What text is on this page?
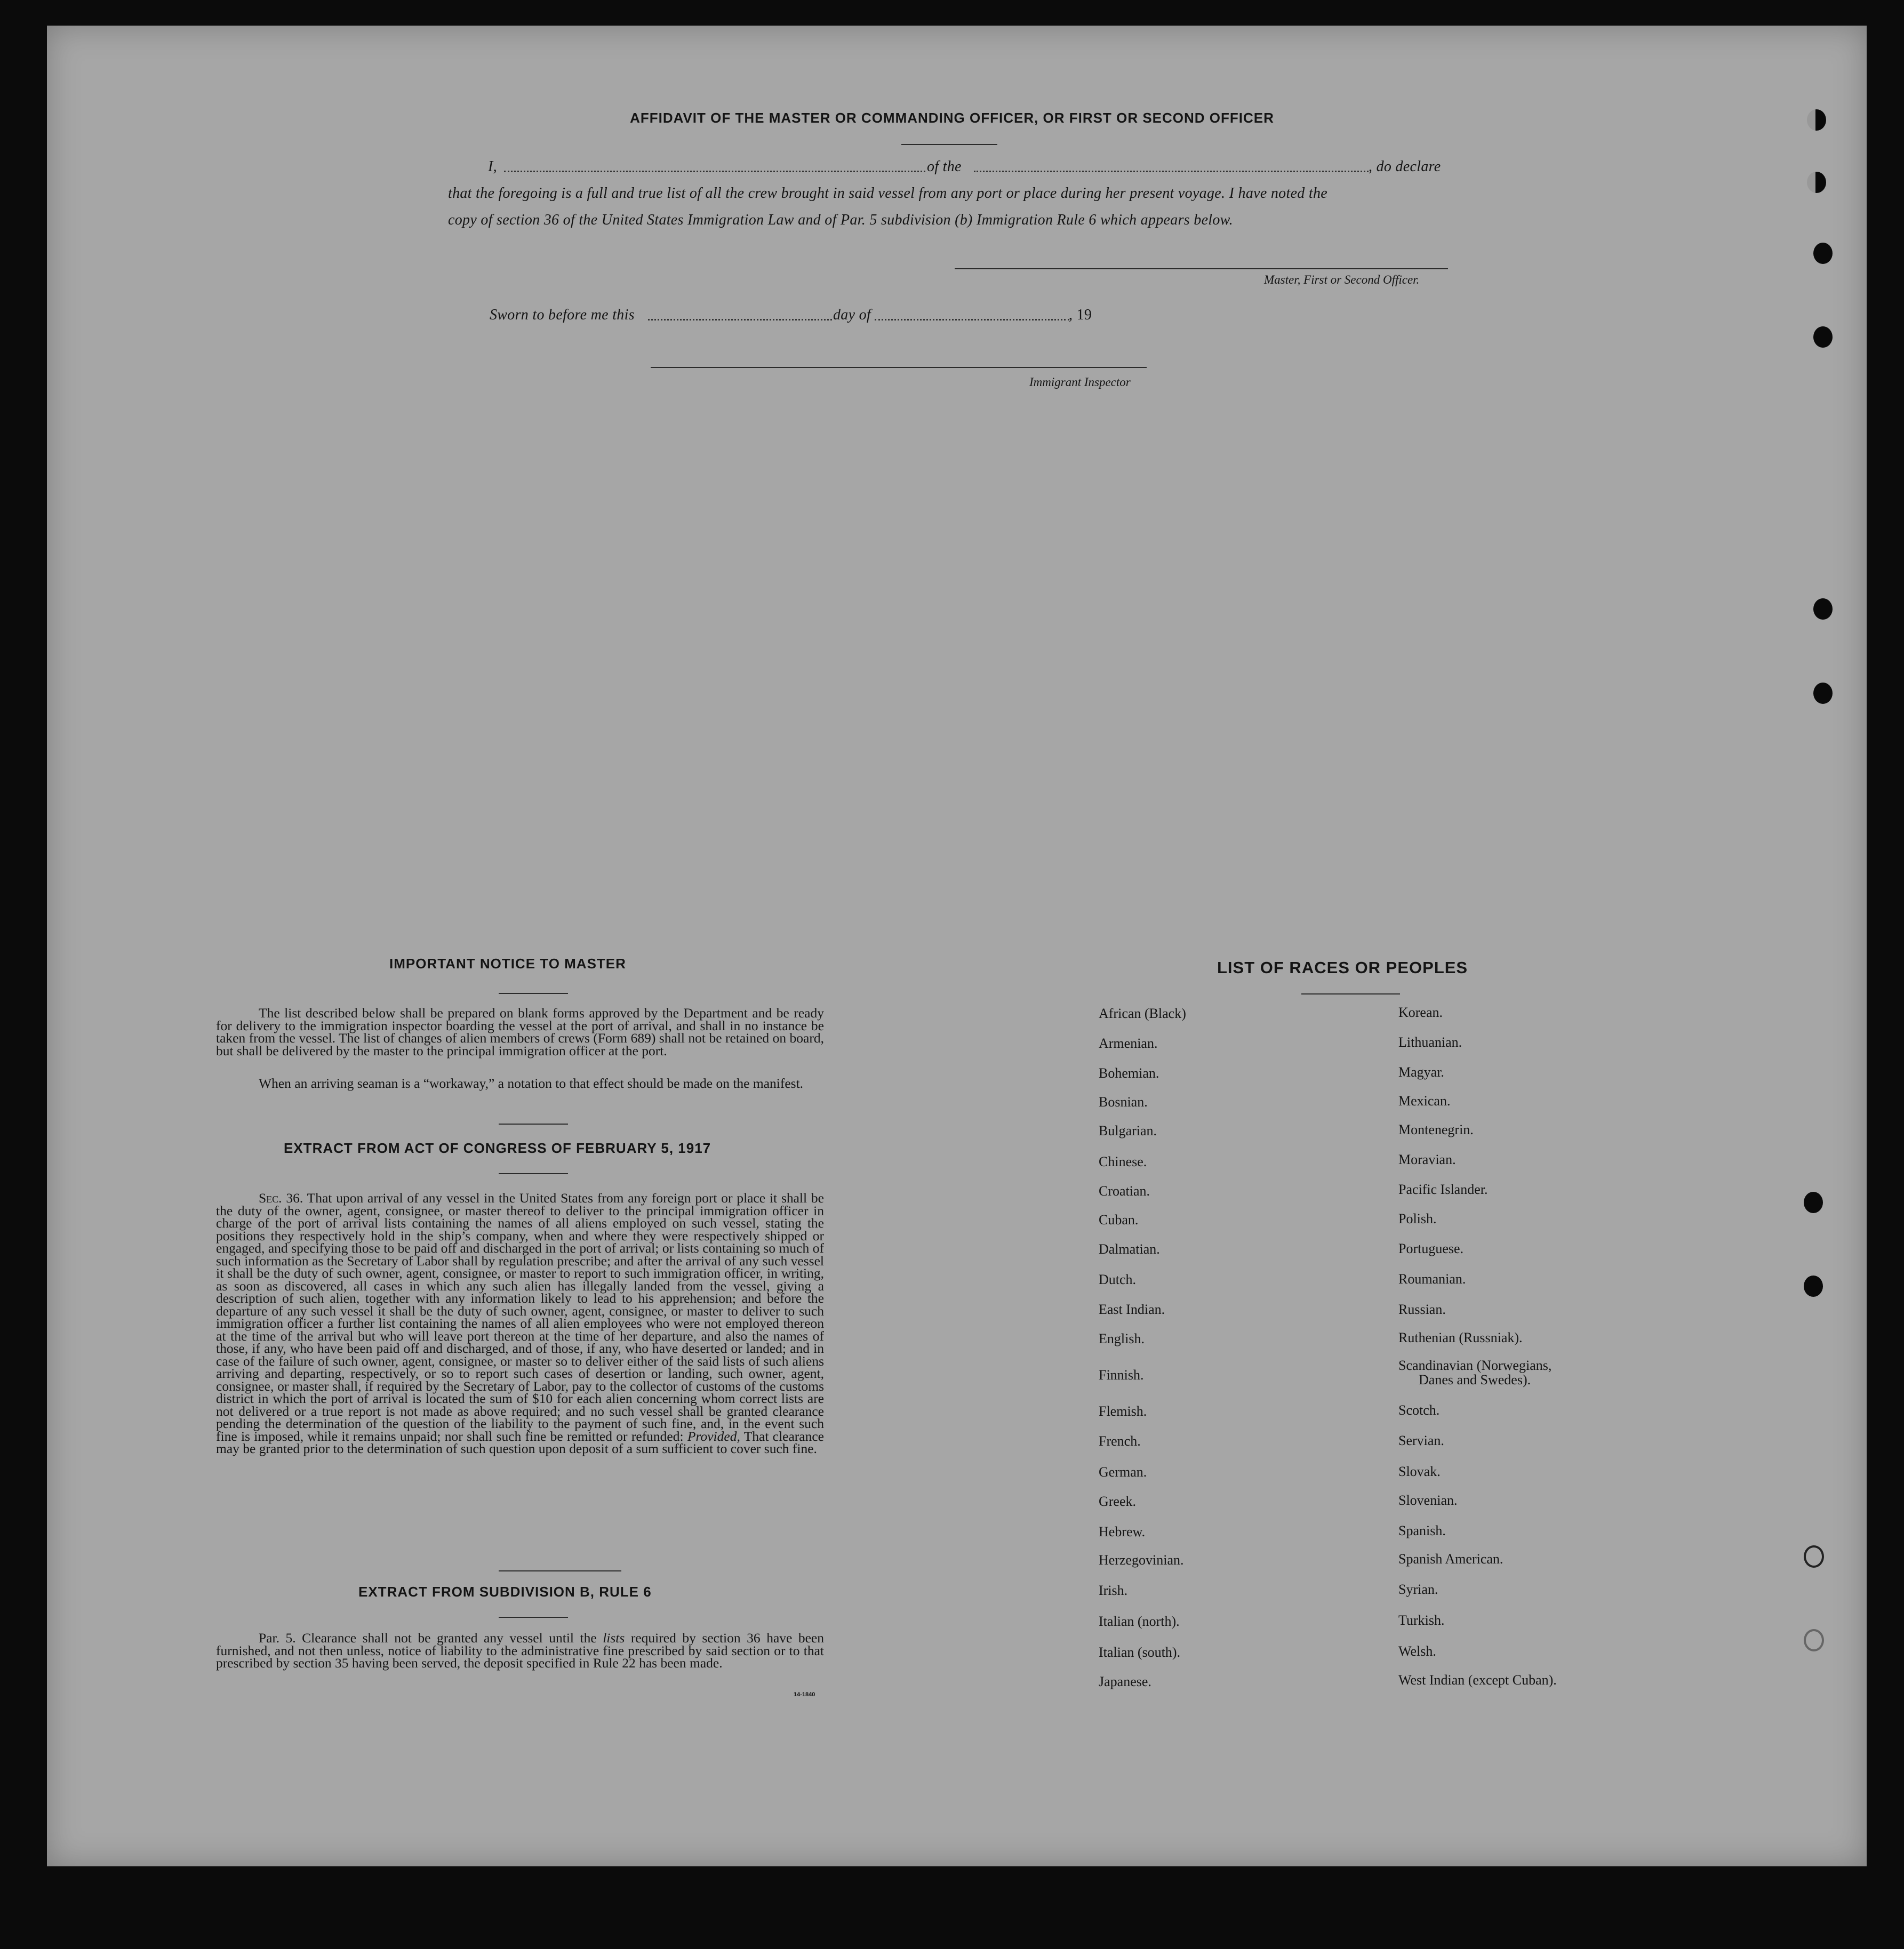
AFFIDAVIT OF THE MASTER OR COMMANDING OFFICER, OR FIRST OR SECOND OFFICER
I,	of the	, do declare
that the foregoing is a full and true list of all the crew brought in said vessel from any port or place during her present voyage. I have noted the
copy of section 36 of the United States Immigration Law and of Par. 5 subdivision (b) Immigration Rule 6 which appears below.
Master, First or Second Officer.
Sworn to before me this	day of	, 19
Immigrant Inspector
IMPORTANT NOTICE TO MASTER
The list described below shall be prepared on blank forms approved by the Department and be ready for delivery to the immigration inspector boarding the vessel at the port of arrival, and shall in no instance be taken from the vessel. The list of changes of alien members of crews (Form 689) shall not be retained on board, but shall be delivered by the master to the principal immigration officer at the port.
When an arriving seaman is a “workaway,” a notation to that effect should be made on the manifest.
EXTRACT FROM ACT OF CONGRESS OF FEBRUARY 5, 1917
Sec. 36. That upon arrival of any vessel in the United States from any foreign port or place it shall be the duty of the owner, agent, consignee, or master thereof to deliver to the principal immigration officer in charge of the port of arrival lists containing the names of all aliens employed on such vessel, stating the positions they respectively hold in the ship’s company, when and where they were respectively shipped or engaged, and specifying those to be paid off and discharged in the port of arrival; or lists containing so much of such information as the Secretary of Labor shall by regulation prescribe; and after the arrival of any such vessel it shall be the duty of such owner, agent, consignee, or master to report to such immigration officer, in writing, as soon as discovered, all cases in which any such alien has illegally landed from the vessel, giving a description of such alien, together with any information likely to lead to his apprehension; and before the departure of any such vessel it shall be the duty of such owner, agent, consignee, or master to deliver to such immigration officer a further list containing the names of all alien employees who were not employed thereon at the time of the arrival but who will leave port thereon at the time of her departure, and also the names of those, if any, who have been paid off and discharged, and of those, if any, who have deserted or landed; and in case of the failure of such owner, agent, consignee, or master so to deliver either of the said lists of such aliens arriving and departing, respectively, or so to report such cases of desertion or landing, such owner, agent, consignee, or master shall, if required by the Secretary of Labor, pay to the collector of customs of the customs district in which the port of arrival is located the sum of $10 for each alien concerning whom correct lists are not delivered or a true report is not made as above required; and no such vessel shall be granted clearance pending the determination of the question of the liability to the payment of such fine, and, in the event such fine is imposed, while it remains unpaid; nor shall such fine be remitted or refunded: Provided, That clearance may be granted prior to the determination of such question upon deposit of a sum sufficient to cover such fine.
EXTRACT FROM SUBDIVISION B, RULE 6
Par. 5. Clearance shall not be granted any vessel until the lists required by section 36 have been furnished, and not then unless, notice of liability to the administrative fine prescribed by said section or to that prescribed by section 35 having been served, the deposit specified in Rule 22 has been made.
14-1840
LIST OF RACES OR PEOPLES
African (Black)
Armenian.
Bohemian.
Bosnian.
Bulgarian.
Chinese.
Croatian.
Cuban.
Dalmatian.
Dutch.
East Indian.
English.
Finnish.
Flemish.
French.
German.
Greek.
Hebrew.
Herzegovinian.
Irish.
Italian (north).
Italian (south).
Japanese.
Korean.
Lithuanian.
Magyar.
Mexican.
Montenegrin.
Moravian.
Pacific Islander.
Polish.
Portuguese.
Roumanian.
Russian.
Ruthenian (Russniak).
Scandinavian (Norwegians,
Danes and Swedes).
Scotch.
Servian.
Slovak.
Slovenian.
Spanish.
Spanish American.
Syrian.
Turkish.
Welsh.
West Indian (except Cuban).
